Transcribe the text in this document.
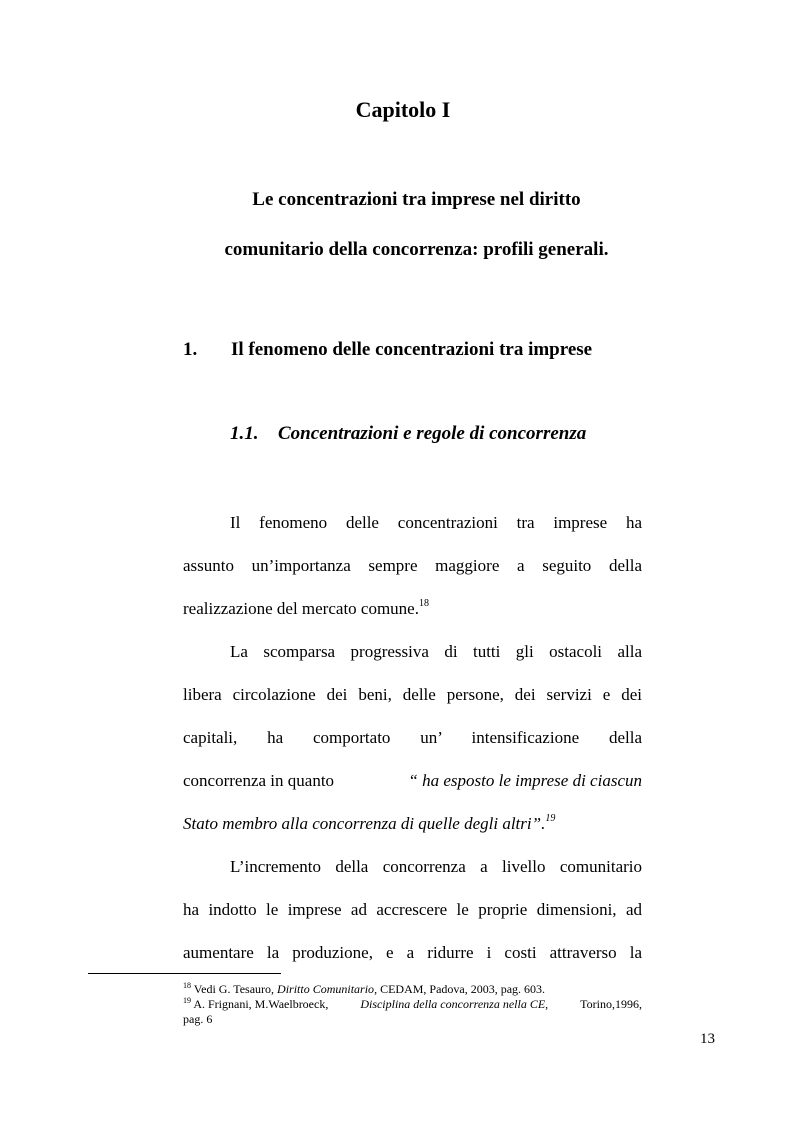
Capitolo I
Le concentrazioni tra imprese nel diritto
comunitario della concorrenza: profili generali.
1. Il fenomeno delle concentrazioni tra imprese
1.1. Concentrazioni e regole di concorrenza
Il fenomeno delle concentrazioni tra imprese ha
assunto un’importanza sempre maggiore a seguito della
realizzazione del mercato comune.$^{18}$
La scomparsa progressiva di tutti gli ostacoli alla
libera circolazione dei beni, delle persone, dei servizi e dei
capitali, ha comportato un’ intensificazione della
concorrenza in quanto	“ ha esposto le imprese di ciascun
Stato membro alla concorrenza di quelle degli altri”.$^{19}$
L’incremento della concorrenza a livello comunitario
ha indotto le imprese ad accrescere le proprie dimensioni, ad
aumentare la produzione, e a ridurre i costi attraverso la
$^{18}$ Vedi G. Tesauro, Diritto Comunitario, CEDAM, Padova, 2003, pag. 603.
$^{19}$ A. Frignani, M.Waelbroeck,	Disciplina della concorrenza nella CE,	Torino,1996,
pag. 6
13
